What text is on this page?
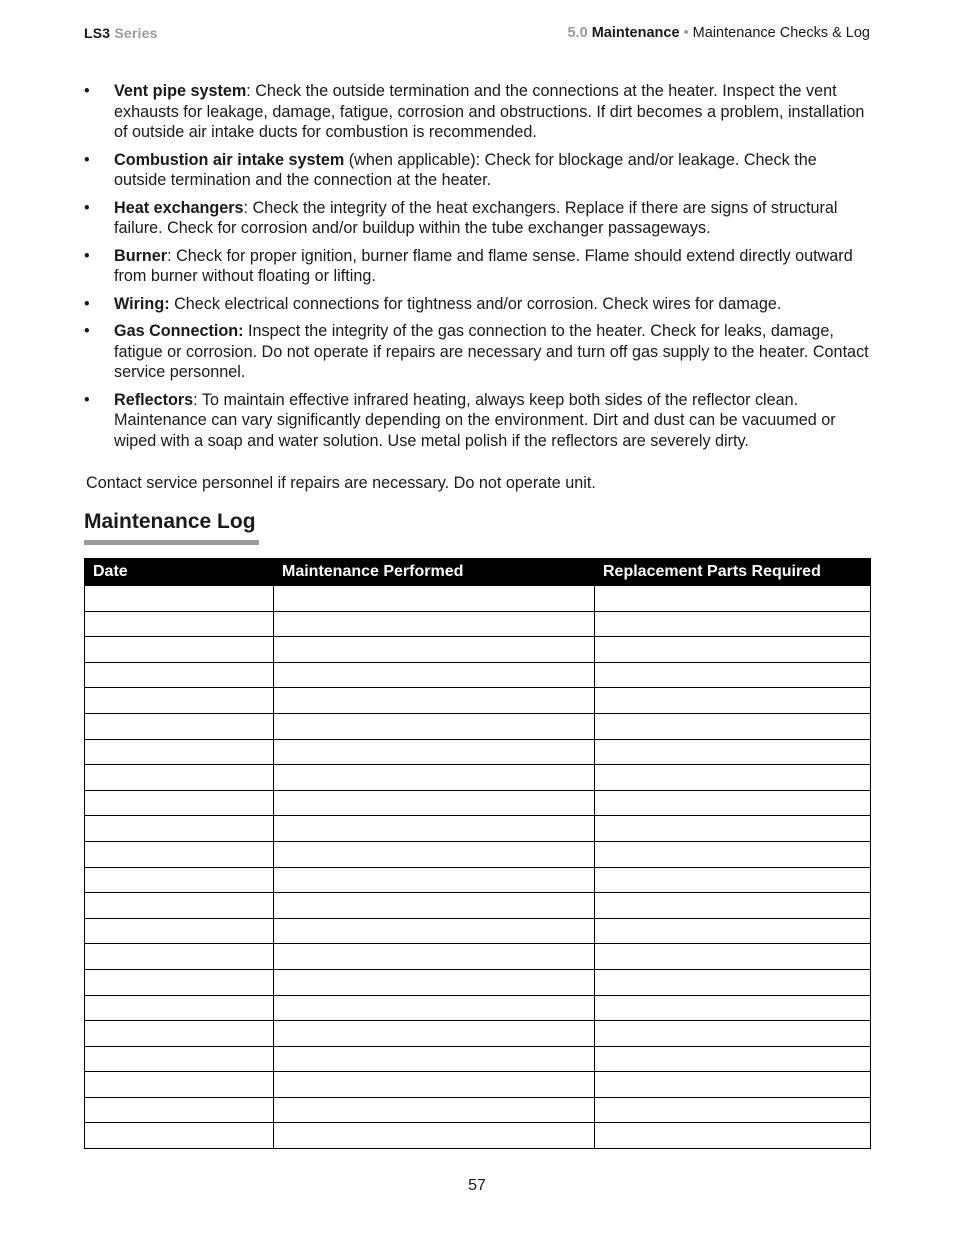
LS3 Series	5.0 Maintenance • Maintenance Checks & Log
•	Vent pipe system: Check the outside termination and the connections at the heater. Inspect the vent exhausts for leakage, damage, fatigue, corrosion and obstructions. If dirt becomes a problem, installation of outside air intake ducts for combustion is recommended.
•	Combustion air intake system (when applicable): Check for blockage and/or leakage. Check the outside termination and the connection at the heater.
•	Heat exchangers: Check the integrity of the heat exchangers. Replace if there are signs of structural failure. Check for corrosion and/or buildup within the tube exchanger passageways.
•	Burner: Check for proper ignition, burner flame and flame sense. Flame should extend directly outward from burner without floating or lifting.
•	Wiring: Check electrical connections for tightness and/or corrosion. Check wires for damage.
•	Gas Connection: Inspect the integrity of the gas connection to the heater. Check for leaks, damage, fatigue or corrosion. Do not operate if repairs are necessary and turn off gas supply to the heater. Contact service personnel.
•	Reflectors: To maintain effective infrared heating, always keep both sides of the reflector clean. Maintenance can vary significantly depending on the environment. Dirt and dust can be vacuumed or wiped with a soap and water solution. Use metal polish if the reflectors are severely dirty.
Contact service personnel if repairs are necessary. Do not operate unit.
Maintenance Log
Date	Maintenance Performed	Replacement Parts Required

57
